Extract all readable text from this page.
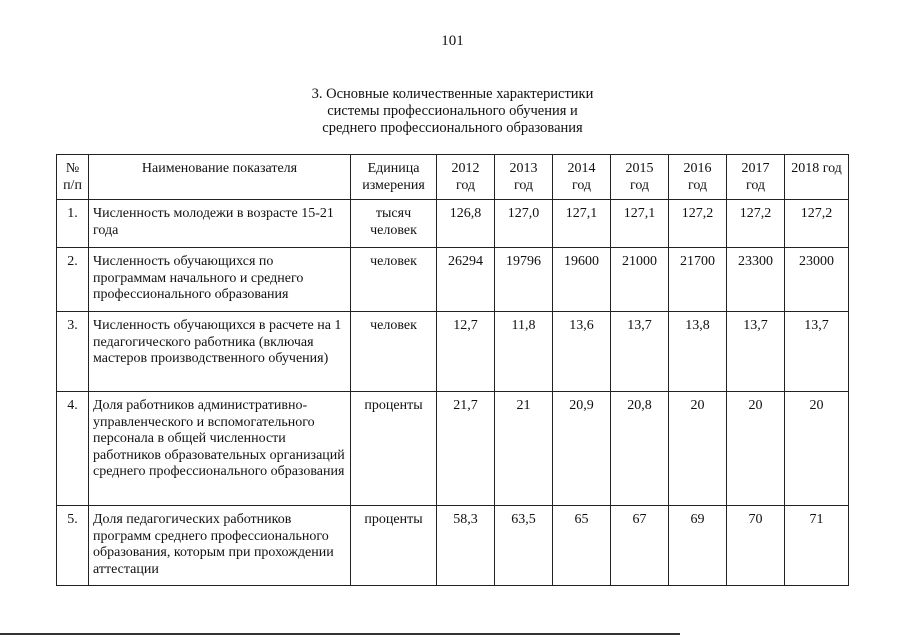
101
3. Основные количественные характеристики
системы профессионального обучения и
среднего профессионального образования
№ п/п	Наименование показателя	Единица измерения	2012 год	2013 год	2014 год	2015 год	2016 год	2017 год	2018 год
1.	Численность молодежи в возрасте 15-21 года	тысяч человек	126,8	127,0	127,1	127,1	127,2	127,2	127,2
2.	Численность обучающихся по программам начального и среднего профессионального образования	человек	26294	19796	19600	21000	21700	23300	23000
3.	Численность обучающихся в расчете на 1 педагогического работника (включая мастеров производственного обучения)	человек	12,7	11,8	13,6	13,7	13,8	13,7	13,7
4.	Доля работников административно-управленческого и вспомогательного персонала в общей численности работников образовательных организаций среднего профессионального образования	проценты	21,7	21	20,9	20,8	20	20	20
5.	Доля педагогических работников программ среднего профессионального образования, которым при прохождении аттестации	проценты	58,3	63,5	65	67	69	70	71
